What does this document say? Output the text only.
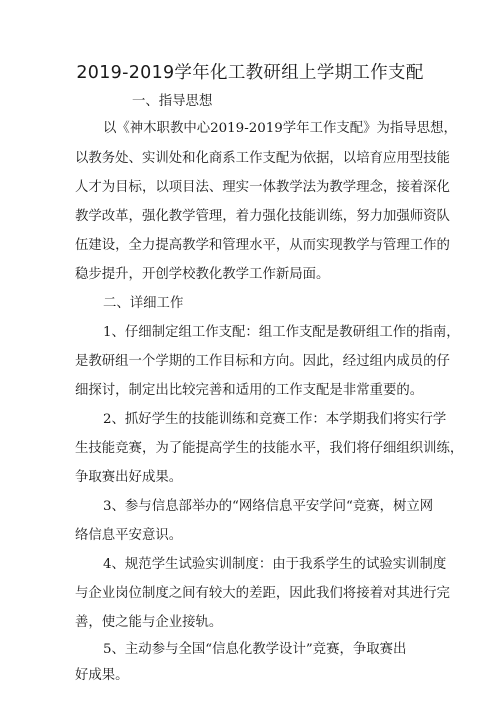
2019-2019学年化工教研组上学期工作支配
一、指导思想
以《神木职教中心2019-2019学年工作支配》为指导思想，
以教务处、实训处和化商系工作支配为依据，以培育应用型技能
人才为目标，以项目法、理实一体教学法为教学理念，接着深化
教学改革，强化教学管理，着力强化技能训练，努力加强师资队
伍建设，全力提高教学和管理水平，从而实现教学与管理工作的
稳步提升，开创学校教化教学工作新局面。
二、详细工作
1、仔细制定组工作支配：组工作支配是教研组工作的指南，
是教研组一个学期的工作目标和方向。因此，经过组内成员的仔
细探讨，制定出比较完善和适用的工作支配是非常重要的。
2、抓好学生的技能训练和竞赛工作：本学期我们将实行学
生技能竞赛，为了能提高学生的技能水平，我们将仔细组织训练，
争取赛出好成果。
3、参与信息部举办的“网络信息平安学问“竞赛，树立网
络信息平安意识。
4、规范学生试验实训制度：由于我系学生的试验实训制度
与企业岗位制度之间有较大的差距，因此我们将接着对其进行完
善，使之能与企业接轨。
5、主动参与全国“信息化教学设计”竞赛，争取赛出
好成果。
